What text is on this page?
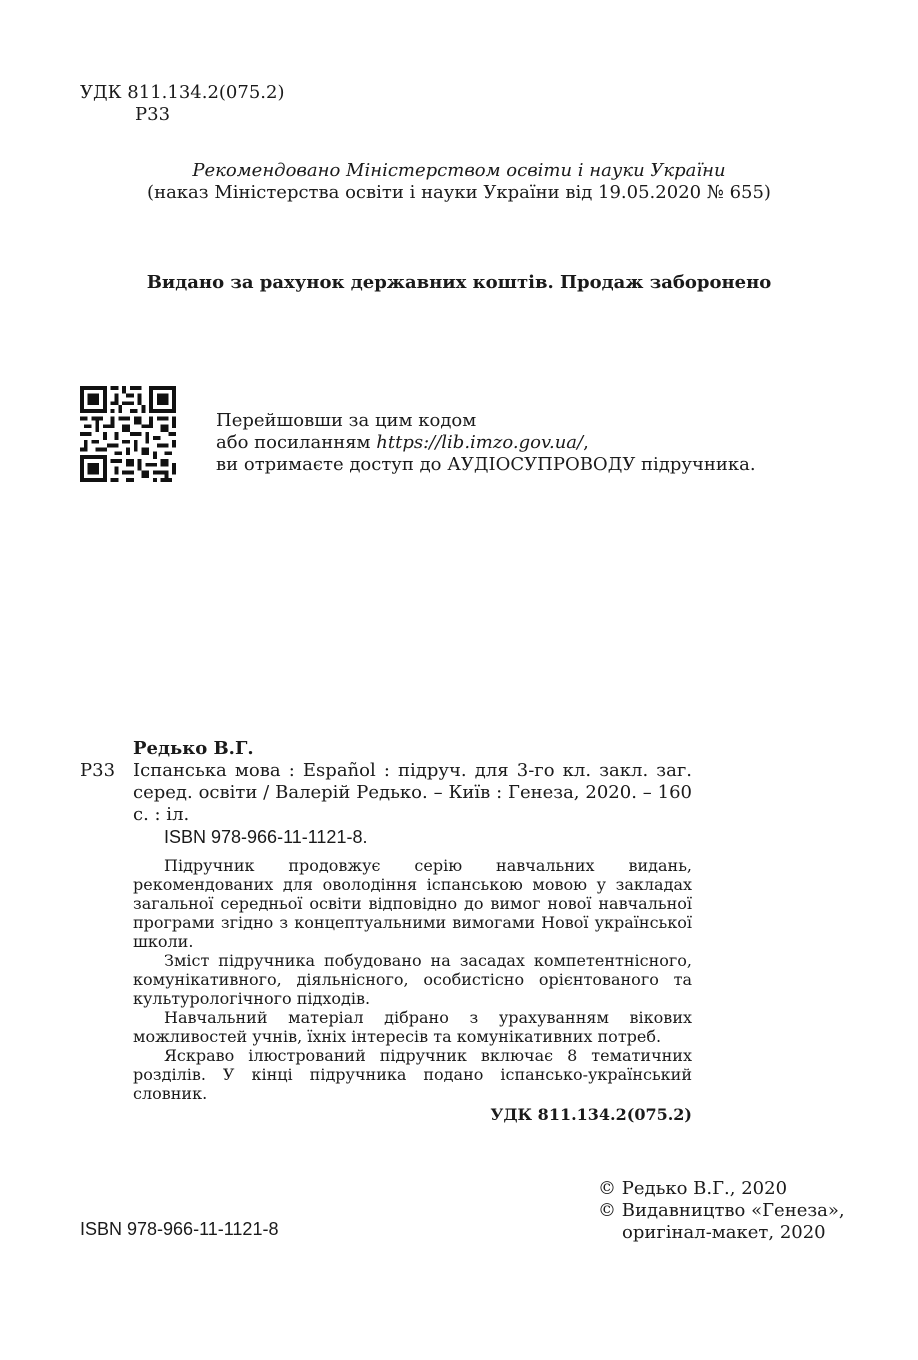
УДК 811.134.2(075.2)
Р33
Рекомендовано Міністерством освіти і науки України
(наказ Міністерства освіти і науки України від 19.05.2020 № 655)
Видано за рахунок державних коштів. Продаж заборонено
Перейшовши за цим кодом
або посиланням https://lib.imzo.gov.ua/,
ви отримаєте доступ до АУДІОСУПРОВОДУ підручника.
Редько В.Г.
Р33 Іспанська мова : Español : підруч. для 3-го кл. закл. заг. серед. освіти / Валерій Редько. – Київ : Генеза, 2020. – 160 с. : іл.
ISBN 978-966-11-1121-8.

Підручник продовжує серію навчальних видань, рекомендованих для оволодіння іспанською мовою у закладах загальної середньої освіти відповідно до вимог нової навчальної програми згідно з концептуальними вимогами Нової української школи.

Зміст підручника побудовано на засадах компетентнісного, комунікативного, діяльнісного, особистісно орієнтованого та культурологічного підходів.

Навчальний матеріал дібрано з урахуванням вікових можливостей учнів, їхніх інтересів та комунікативних потреб.

Яскраво ілюстрований підручник включає 8 тематичних розділів. У кінці підручника подано іспансько-український словник.

УДК 811.134.2(075.2)
© Редько В.Г., 2020
© Видавництво «Генеза»,
оригінал-макет, 2020
ISBN 978-966-11-1121-8
